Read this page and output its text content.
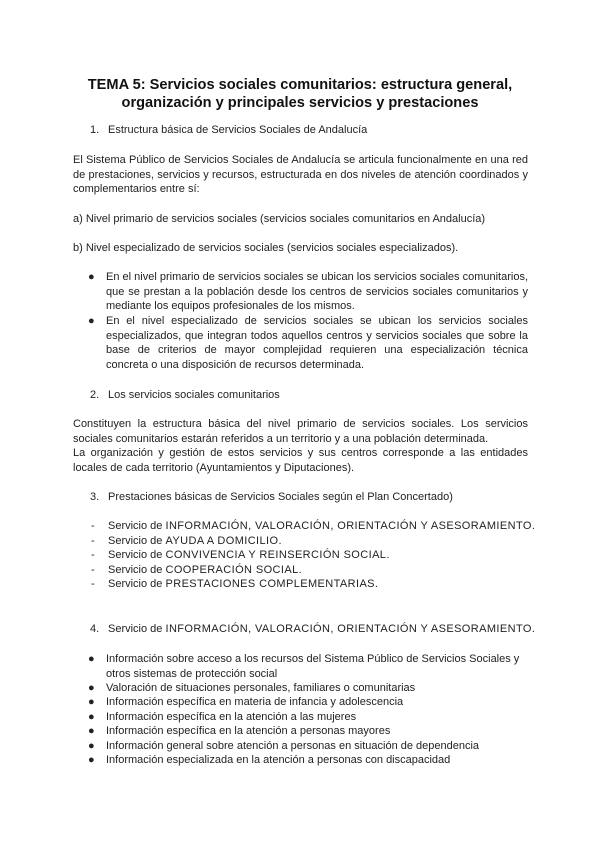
TEMA 5: Servicios sociales comunitarios: estructura general,
organización y principales servicios y prestaciones
1. Estructura básica de Servicios Sociales de Andalucía

El Sistema Público de Servicios Sociales de Andalucía se articula funcionalmente en una red de prestaciones, servicios y recursos, estructurada en dos niveles de atención coordinados y complementarios entre sí:

a) Nivel primario de servicios sociales (servicios sociales comunitarios en Andalucía)
b) Nivel especializado de servicios sociales (servicios sociales especializados).
●	En el nivel primario de servicios sociales se ubican los servicios sociales comunitarios, que se prestan a la población desde los centros de servicios sociales comunitarios y mediante los equipos profesionales de los mismos.
●	En el nivel especializado de servicios sociales se ubican los servicios sociales especializados, que integran todos aquellos centros y servicios sociales que sobre la base de criterios de mayor complejidad requieren una especialización técnica concreta o una disposición de recursos determinada.
2. Los servicios sociales comunitarios

Constituyen la estructura básica del nivel primario de servicios sociales. Los servicios sociales comunitarios estarán referidos a un territorio y a una población determinada.

La organización y gestión de estos servicios y sus centros corresponde a las entidades locales de cada territorio (Ayuntamientos y Diputaciones).

3. Prestaciones básicas de Servicios Sociales según el Plan Concertado)
- Servicio de INFORMACIÓN, VALORACIÓN, ORIENTACIÓN Y ASESORAMIENTO.
- Servicio de AYUDA A DOMICILIO.
- Servicio de CONVIVENCIA Y REINSERCIÓN SOCIAL.
- Servicio de COOPERACIÓN SOCIAL.
- Servicio de PRESTACIONES COMPLEMENTARIAS.
4. Servicio de INFORMACIÓN, VALORACIÓN, ORIENTACIÓN Y ASESORAMIENTO.
●	Información sobre acceso a los recursos del Sistema Público de Servicios Sociales y otros sistemas de protección social
●	Valoración de situaciones personales, familiares o comunitarias
●	Información específica en materia de infancia y adolescencia
●	Información específica en la atención a las mujeres
●	Información específica en la atención a personas mayores
●	Información general sobre atención a personas en situación de dependencia
●	Información especializada en la atención a personas con discapacidad
